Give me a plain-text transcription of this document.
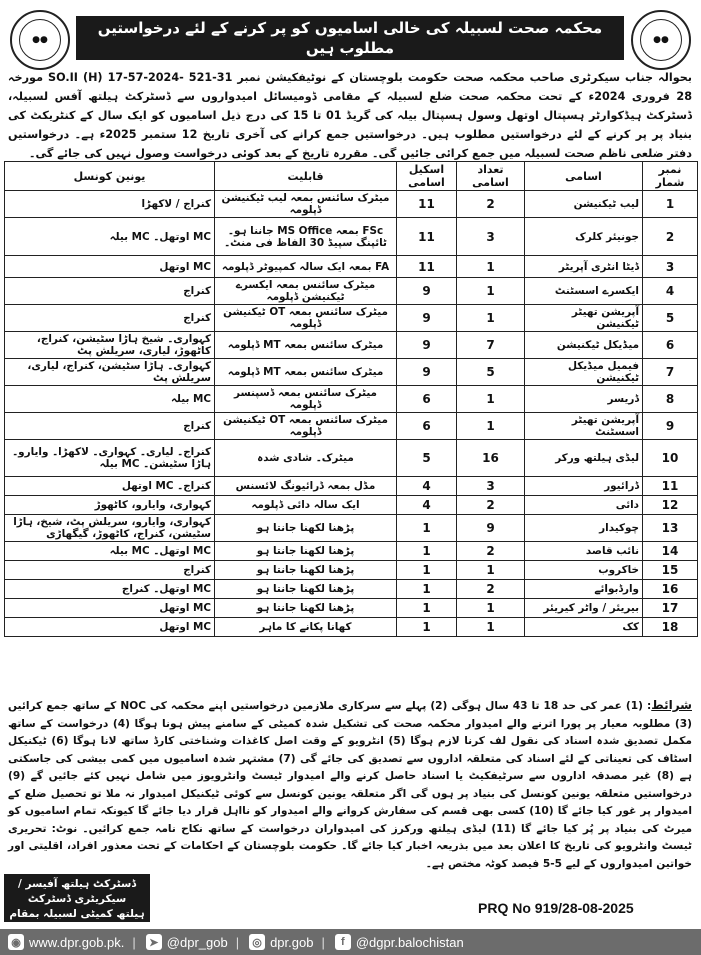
●●
محکمہ صحت لسبیلہ کی خالی اسامیوں کو پر کرنے کے لئے درخواستیں مطلوب ہیں	●●
بحوالہ جناب سیکرٹری صاحب محکمہ صحت حکومت بلوچستان کے نوٹیفکیشن نمبر SO.II (H) 17-57-2024- 521-31 مورخہ 28 فروری 2024ء کے تحت محکمہ صحت ضلع لسبیلہ کے مقامی ڈومیسائل امیدواروں سے ڈسٹرکٹ ہیلتھ آفس لسبیلہ، ڈسٹرکٹ ہیڈکوارٹر ہسپتال اوتھل وسول ہسپتال بیلہ کی گریڈ 01 تا 15 کی درج ذیل اسامیوں کو ایک سال کے کنٹریکٹ کی بنیاد پر پر کرنے کے لئے درخواستیں مطلوب ہیں۔ درخواستیں جمع کرانے کی آخری تاریخ 12 ستمبر 2025ء ہے۔ درخواستیں دفتر ضلعی ناظم صحت لسبیلہ میں جمع کرائی جائیں گی۔ مقررہ تاریخ کے بعد کوئی درخواست وصول نہیں کی جائے گی۔
نمبر شمار	اسامی	تعداد اسامی	اسکیل اسامی	قابلیت	یونین کونسل
1	لیب ٹیکنیشن	2	11	میٹرک سائنس بمعہ لیب ٹیکنیشن ڈپلومہ	کنراج / لاکھڑا
2	جونیئر کلرک	3	11	FSc بمعہ MS Office جاننا ہو۔ ٹائپنگ سپیڈ 30 الفاظ فی منٹ۔	MC اوتھل۔ MC بیلہ
3	ڈیٹا انٹری آپریٹر	1	11	FA بمعہ ایک سالہ کمپیوٹر ڈپلومہ	MC اوتھل
4	ایکسرے اسسٹنٹ	1	9	میٹرک سائنس بمعہ ایکسرے ٹیکنیشن ڈپلومہ	کنراج
5	آپریشن تھیٹر ٹیکنیشن	1	9	میٹرک سائنس بمعہ OT ٹیکنیشن ڈپلومہ	کنراج
6	میڈیکل ٹیکنیشن	7	9	میٹرک سائنس بمعہ MT ڈپلومہ	کہواری۔ شیخ ہاڑا سٹیشن، کنراج، کاٹھوڑ، لیاری، سریلش پٹ
7	فیمیل میڈیکل ٹیکنیشن	5	9	میٹرک سائنس بمعہ MT ڈپلومہ	کہواری۔ ہاڑا سٹیشن، کنراج، لیاری، سریلش پٹ
8	ڈریسر	1	6	میٹرک سائنس بمعہ ڈسپنسر ڈپلومہ	MC بیلہ
9	آپریشن تھیٹر اسسٹنٹ	1	6	میٹرک سائنس بمعہ OT ٹیکنیشن ڈپلومہ	کنراج
10	لیڈی ہیلتھ ورکر	16	5	میٹرک۔ شادی شدہ	کنراج۔ لیاری۔ کہواری۔ لاکھڑا۔ وایارو۔ ہاڑا سٹیشن۔ MC بیلہ
11	ڈرائیور	3	4	مڈل بمعہ ڈرائیونگ لائسنس	کنراج۔ MC اوتھل
12	دائی	2	4	ایک سالہ دائی ڈپلومہ	کہواری، وایارو، کاٹھوڑ
13	چوکیدار	9	1	پڑھنا لکھنا جانتا ہو	کہواری، وایارو، سریلش پٹ، شیخ، ہاڑا سٹیشن، کنراج، کاٹھوڑ، گیگھاڑی
14	نائب قاصد	2	1	پڑھنا لکھنا جانتا ہو	MC اوتھل۔ MC بیلہ
15	خاکروب	1	1	پڑھنا لکھنا جانتا ہو	کنراج
16	وارڈبوائے	2	1	پڑھنا لکھنا جانتا ہو	MC اوتھل۔ کنراج
17	بیریئر / واٹر کیریئر	1	1	پڑھنا لکھنا جانتا ہو	MC اوتھل
18	کک	1	1	کھانا پکانے کا ماہر	MC اوتھل
شرائط: (1) عمر کی حد 18 تا 43 سال ہوگی (2) پہلے سے سرکاری ملازمین درخواستیں اپنے محکمہ کی NOC کے ساتھ جمع کرائیں (3) مطلوبہ معیار پر پورا اترنے والے امیدوار محکمہ صحت کی تشکیل شدہ کمیٹی کے سامنے پیش ہونا ہوگا (4) درخواست کے ساتھ مکمل تصدیق شدہ اسناد کی نقول لف کرنا لازم ہوگا (5) انٹرویو کے وقت اصل کاغذات وشناختی کارڈ ساتھ لانا ہوگا (6) ٹیکنیکل اسٹاف کی تعیناتی کے لئے اسناد کی متعلقہ اداروں سے تصدیق کی جائے گی (7) مشتہر شدہ اسامیوں میں کمی بیشی کی جاسکتی ہے (8) غیر مصدقہ اداروں سے سرٹیفکیٹ یا اسناد حاصل کرنے والے امیدوار ٹیسٹ وانٹرویوز میں شامل نہیں کئے جائیں گے (9) درخواستیں متعلقہ یونین کونسل کی بنیاد پر ہوں گی اگر متعلقہ یونین کونسل سے کوئی ٹیکنیکل امیدوار نہ ملا تو تحصیل ضلع کے امیدوار پر غور کیا جائے گا (10) کسی بھی قسم کی سفارش کروانے والے امیدوار کو نااہل قرار دیا جائے گا کیونکہ تمام اسامیوں کو میرٹ کی بنیاد پر پُر کیا جائے گا (11) لیڈی ہیلتھ ورکرز کی امیدواران درخواست کے ساتھ نکاح نامہ جمع کرائیں۔ نوٹ: تحریری ٹیسٹ وانٹرویو کی تاریخ کا اعلان بعد میں بذریعہ اخبار کیا جائے گا۔ حکومت بلوچستان کے احکامات کے تحت معذور افراد، اقلیتی اور خواتین امیدواروں کے لیے 5-5 فیصد کوٹہ مختص ہے۔
ڈسٹرکٹ ہیلتھ آفیسر / سیکریٹری ڈسٹرکٹ
ہیلتھ کمیٹی لسبیلہ بمقام	PRQ No 919/28-08-2025
◉ www.dpr.gob.pk. |	➤ @dpr_gob | ◎ dpr.gob |	f @dgpr.balochistan
